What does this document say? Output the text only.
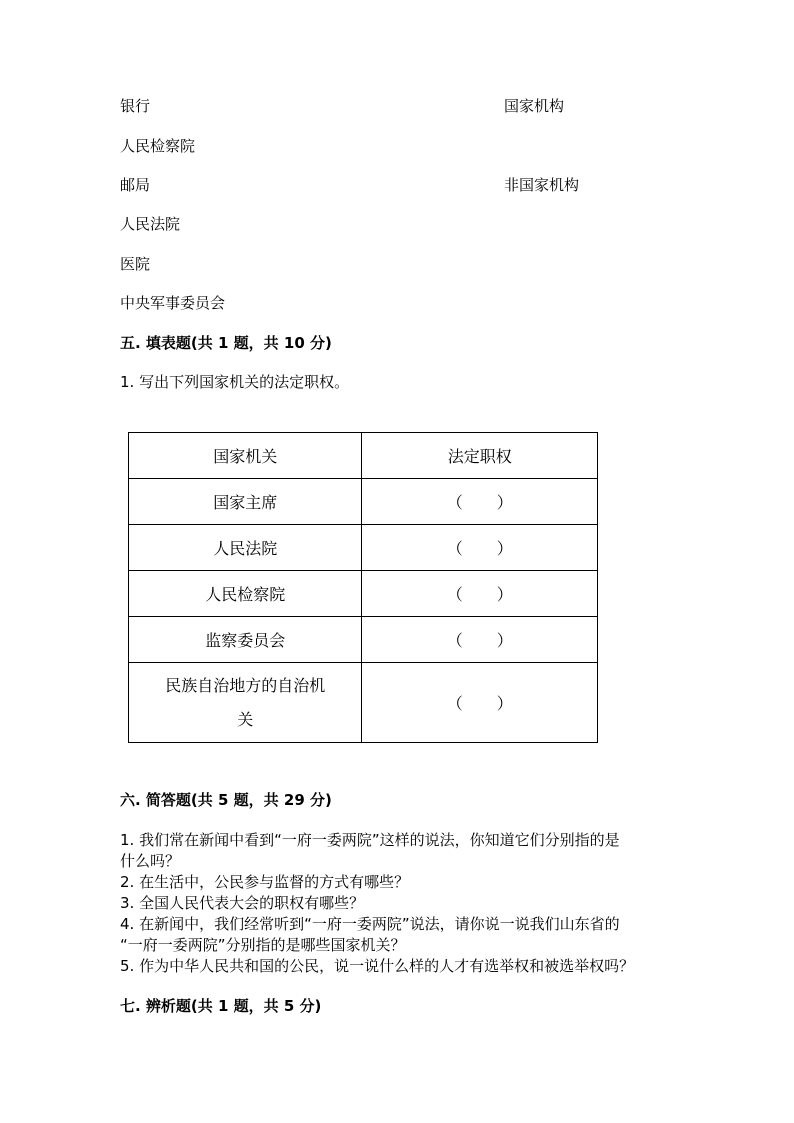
银行	国家机构
人民检察院
邮局	非国家机构
人民法院
医院
中央军事委员会
五. 填表题(共 1 题，共 10 分)
1. 写出下列国家机关的法定职权。
国家机关	法定职权
国家主席	（ ）

人民法院	（ ）

人民检察院	（ ）

监察委员会	（ ）

民族自治地方的自治机
关	（ ）
六. 简答题(共 5 题，共 29 分)
1. 我们常在新闻中看到“一府一委两院”这样的说法，你知道它们分别指的是
什么吗？
2. 在生活中，公民参与监督的方式有哪些？
3. 全国人民代表大会的职权有哪些？
4. 在新闻中，我们经常听到“一府一委两院”说法，请你说一说我们山东省的
“一府一委两院”分别指的是哪些国家机关？
5. 作为中华人民共和国的公民，说一说什么样的人才有选举权和被选举权吗？
七. 辨析题(共 1 题，共 5 分)
